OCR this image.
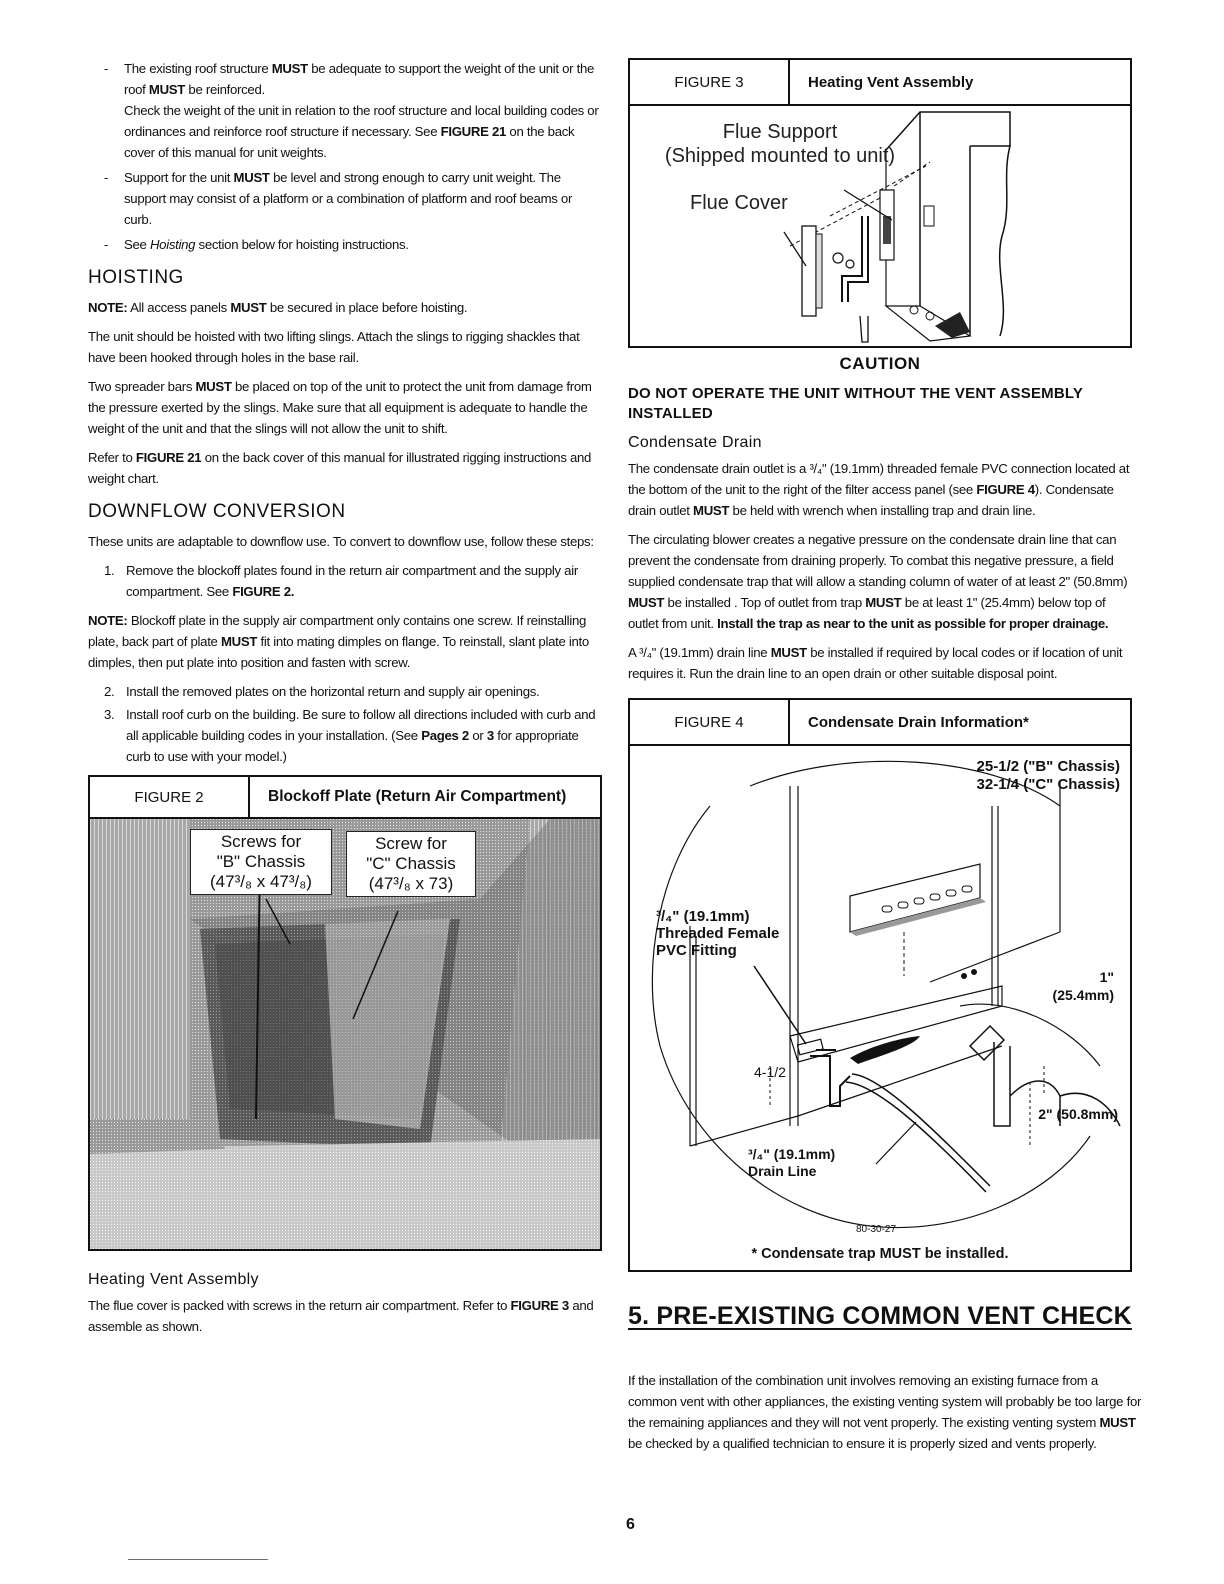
- The existing roof structure MUST be adequate to support the weight of the unit or the roof MUST be reinforced.
Check the weight of the unit in relation to the roof structure and local building codes or ordinances and reinforce roof structure if necessary. See FIGURE 21 on the back cover of this manual for unit weights.
- Support for the unit MUST be level and strong enough to carry unit weight. The support may consist of a platform or a combination of platform and roof beams or curb.
- See Hoisting section below for hoisting instructions.
HOISTING

NOTE: All access panels MUST be secured in place before hoisting.

The unit should be hoisted with two lifting slings. Attach the slings to rigging shackles that have been hooked through holes in the base rail.

Two spreader bars MUST be placed on top of the unit to protect the unit from damage from the pressure exerted by the slings. Make sure that all equipment is adequate to handle the weight of the unit and that the slings will not allow the unit to shift.

Refer to FIGURE 21 on the back cover of this manual for illustrated rigging instructions and weight chart.

DOWNFLOW CONVERSION

These units are adaptable to downflow use. To convert to downflow use, follow these steps:

1. Remove the blockoff plates found in the return air compartment and the supply air compartment. See FIGURE 2.

NOTE: Blockoff plate in the supply air compartment only contains one screw. If reinstalling plate, back part of plate MUST fit into mating dimples on flange. To reinstall, slant plate into dimples, then put plate into position and fasten with screw.

2. Install the removed plates on the horizontal return and supply air openings.

3. Install roof curb on the building. Be sure to follow all directions included with curb and all applicable building codes in your installation. (See Pages 2 or 3 for appropriate curb to use with your model.)

FIGURE 2	Blockoff Plate (Return Air Compartment)
Screws for
"B" Chassis
(47³/₈ x 47³/₈)
Screw for
"C" Chassis
(47³/₈ x 73)
Heating Vent Assembly

The flue cover is packed with screws in the return air compartment. Refer to FIGURE 3 and assemble as shown.

FIGURE 3	Heating Vent Assembly
Flue Support
(Shipped mounted to unit)
Flue Cover
CAUTION

DO NOT OPERATE THE UNIT WITHOUT THE VENT ASSEMBLY INSTALLED

Condensate Drain

The condensate drain outlet is a ³/₄" (19.1mm) threaded female PVC connection located at the bottom of the unit to the right of the filter access panel (see FIGURE 4). Condensate drain outlet MUST be held with wrench when installing trap and drain line.

The circulating blower creates a negative pressure on the condensate drain line that can prevent the condensate from draining properly. To combat this negative pressure, a field supplied condensate trap that will allow a standing column of water of at least 2" (50.8mm) MUST be installed . Top of outlet from trap MUST be at least 1" (25.4mm) below top of outlet from unit. Install the trap as near to the unit as possible for proper drainage.

A ³/₄" (19.1mm) drain line MUST be installed if required by local codes or if location of unit requires it. Run the drain line to an open drain or other suitable disposal point.

FIGURE 4	Condensate Drain Information*
25-1/2 ("B" Chassis)
32-1/4 ("C" Chassis)
³/₄" (19.1mm)
Threaded Female
PVC Fitting
1"
(25.4mm)
4-1/2
2" (50.8mm)
³/₄" (19.1mm)
Drain Line
80-30-27
* Condensate trap MUST be installed.
5. PRE-EXISTING COMMON VENT CHECK

If the installation of the combination unit involves removing an existing furnace from a common vent with other appliances, the existing venting system will probably be too large for the remaining appliances and they will not vent properly. The existing venting system MUST be checked by a qualified technician to ensure it is properly sized and vents properly.

6
